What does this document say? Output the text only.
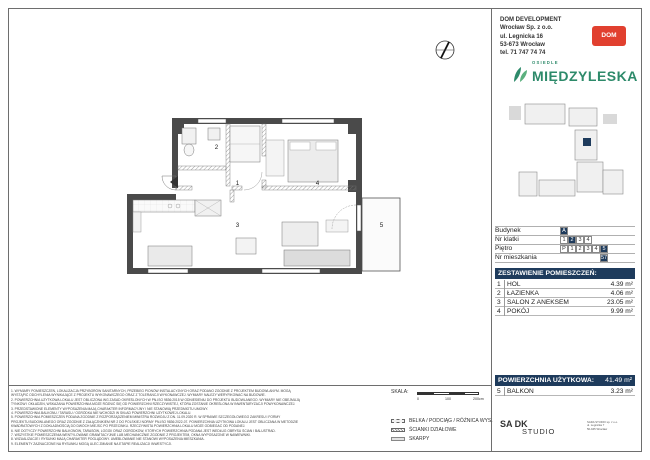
1
2
3
4
5
DOM DEVELOPMENT
Wrocław Sp. z o.o.
ul. Legnicka 16
53-673 Wrocław
tel. 71 747 74 74
DOM
OSIEDLE
MIĘDZYLESKA
Budynek	A
Nr klatki	1 2 3 4
Piętro	P 1 2 3 4 5
Nr mieszkania	57
ZESTAWIENIE POMIESZCZEŃ:
1 HOL	4.39 m²
2 ŁAZIENKA	4.06 m²
3 SALON Z ANEKSEM	23.05 m²
4 POKÓJ	9.99 m²
POWIERZCHNIA UŻYTKOWA: 41.49 m²
5 BALKON	3.23 m²
1. WYMIARY POMIESZCZEŃ, LOKALIZACJA PRZYBORÓW SANITARNYCH, PRZEBIEG PIONÓW INSTALACYJNYCH ORAZ PODANO ZGODNIE Z PROJEKTEM BUDOWLANYM. MOGĄ
WYSTĄPIĆ ODCHYLENIA WYNIKAJĄCE Z PROJEKTU WYKONAWCZEGO ORAZ Z TOLERANCJI WYKONAWCZEJ. WYMIARY NALEŻY WERYFIKOWAĆ NA BUDOWIE.
2. POWIERZCHNIA UŻYTKOWA LOKALU JEST OBLICZONA WG ZASAD OKREŚLONYCH W PN-ISO 9836:2015 W ODNIESIENIU DO PROJEKTU BUDOWLANEGO. WYMIARY NIE OBEJMUJĄ
TYNKÓW I OKŁADZIN, WSKAZANA POWIERZCHNIA MOŻE RÓŻNIĆ SIĘ OD POWIERZCHNI RZECZYWISTEJ, KTÓRA ZOSTANIE OKREŚLONA W INWENTARYZACJI POWYKONAWCZEJ.
3. PRZEDSTAWIONE ELEMENTY WYPOSAŻENIA MAJĄ CHARAKTER INFORMACYJNY I NIE STANOWIĄ PRZEDMIOTU UMOWY.
4. POWIERZCHNIA BALKONU / TARASU / OGRÓDKA NIE WCHODZI W SKŁAD POWIERZCHNI UŻYTKOWEJ LOKALU.
5. POWIERZCHNIA POMIESZCZEŃ PODANA ZGODNIE Z ROZPORZĄDZENIEM MINISTRA ROZWOJU Z DN. 11.09.2020 R. W SPRAWIE SZCZEGÓŁOWEGO ZAKRESU I FORMY
PROJEKTU BUDOWLANEGO ORAZ ZGODNIE Z ZAŁĄCZNIKIEM NR 2 DO POLSKIEJ NORMY PN-ISO 9836:2022-07. POWIERZCHNIA UŻYTKOWA LOKALU JEST OBLICZANA W METODZIE
KWADRATOWYCH Z DOKŁADNOŚCIĄ DO DWÓCH MIEJSC PO PRZECINKU. RZECZYWISTA POWIERZCHNIA LOKALU MOŻE ODBIEGAĆ OD PODANEJ.
6. NIE DOTYCZY POWIERZCHNI BALKONÓW, TARASÓW, LOGGII ORAZ OGRÓDKÓW, KTÓRYCH POWIERZCHNIA PODANA JEST WEDŁUG OBRYSU ŚCIAN I BALUSTRAD.
7. WSZYSTKIE POMIESZCZENIA WENTYLOWANE GRAWITACYJNIE LUB MECHANICZNIE ZGODNIE Z PROJEKTEM, OKNA WYPOSAŻONE W NAWIEWNIKI.
8. WIZUALIZACJE I RYSUNKI MAJĄ CHARAKTER POGLĄDOWY. UMEBLOWANIE NIE STANOWI WYPOSAŻENIA MIESZKANIA.
9. ELEMENTY ZAZNACZONE NA RYSUNKU MOGĄ ULEC ZMIANIE NA ETAPIE REALIZACJI INWESTYCJI.
SKALA:
0	100	200cm
BELKA / PODCIĄG / RÓŻNICA WYS.
ŚCIANKI DZIAŁOWE
SKARPY
SA DK
STUDIO
SADA STUDIO sp. z o.o.
ul. Legnicka 7
50-945 Wrocław
